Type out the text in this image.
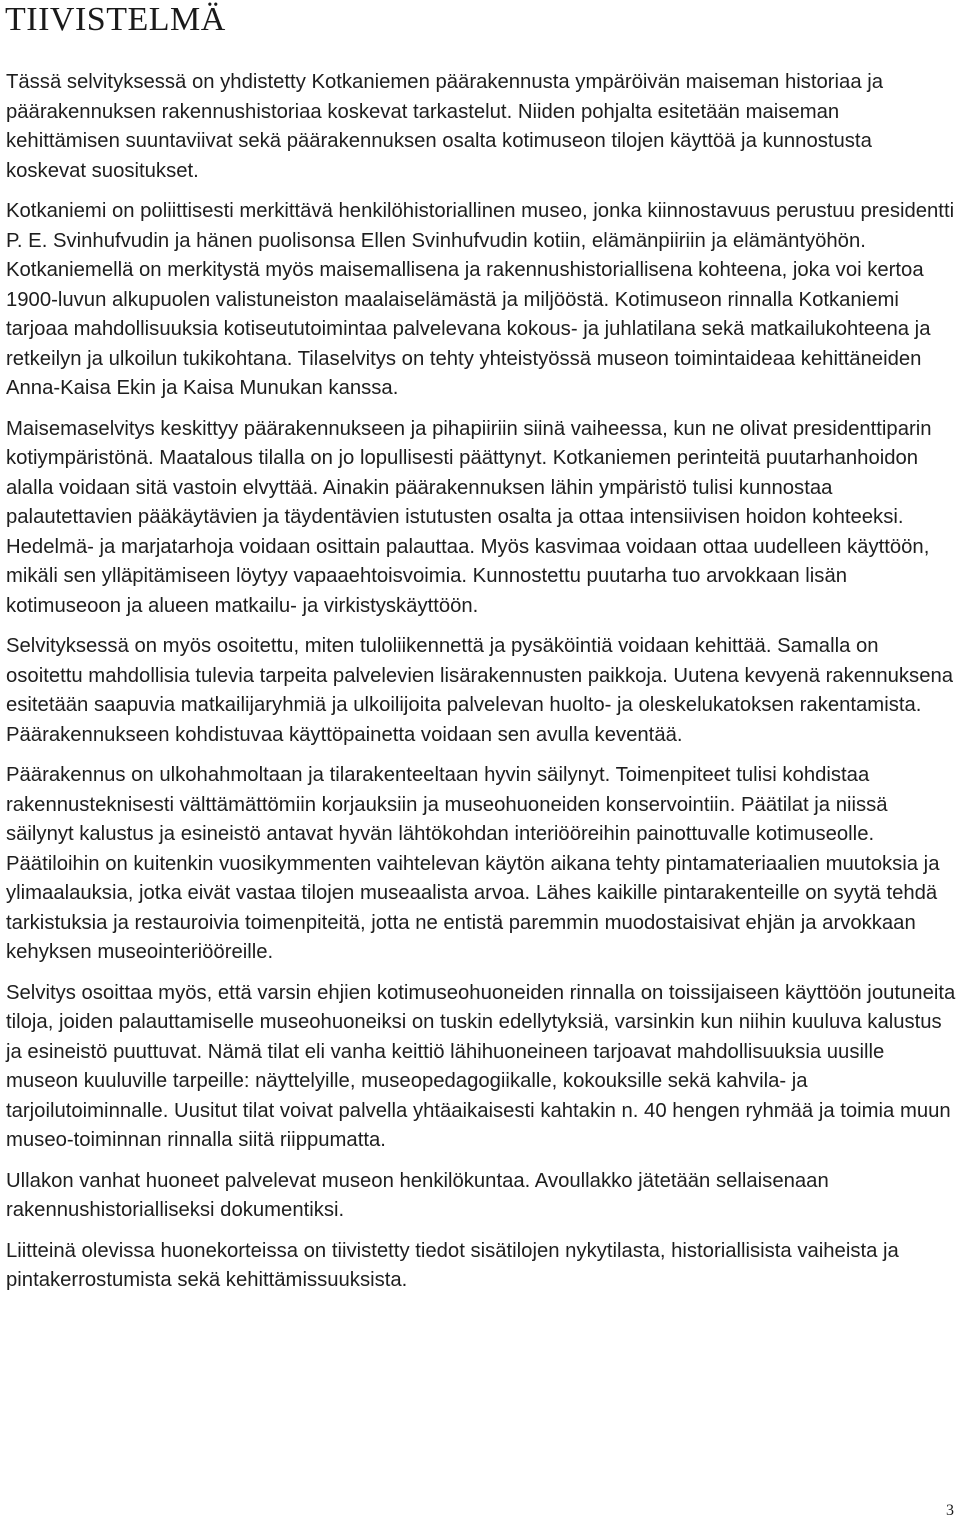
TIIVISTELMÄ

Tässä selvityksessä on yhdistetty Kotkaniemen päärakennusta ympäröivän maiseman historiaa ja päärakennuksen rakennushistoriaa koskevat tarkastelut. Niiden pohjalta esitetään maiseman kehittämisen suuntaviivat sekä päärakennuksen osalta kotimuseon tilojen käyttöä ja kunnostusta koskevat suositukset.

Kotkaniemi on poliittisesti merkittävä henkilöhistoriallinen museo, jonka kiinnostavuus perustuu presidentti P. E. Svinhufvudin ja hänen puolisonsa Ellen Svinhufvudin kotiin, elämänpiiriin ja elämäntyöhön. Kotkaniemellä on merkitystä myös maisemallisena ja rakennushistoriallisena kohteena, joka voi kertoa 1900-luvun alkupuolen valistuneiston maalaiselämästä ja miljööstä. Kotimuseon rinnalla Kotkaniemi tarjoaa mahdollisuuksia kotiseututoimintaa palvelevana kokous- ja juhlatilana sekä matkailukohteena ja retkeilyn ja ulkoilun tukikohtana. Tilaselvitys on tehty yhteistyössä museon toimintaideaa kehittäneiden Anna-Kaisa Ekin ja Kaisa Munukan kanssa.

Maisemaselvitys keskittyy päärakennukseen ja pihapiiriin siinä vaiheessa, kun ne olivat presidenttiparin kotiympäristönä. Maatalous tilalla on jo lopullisesti päättynyt. Kotkaniemen perinteitä puutarhanhoidon alalla voidaan sitä vastoin elvyttää. Ainakin päärakennuksen lähin ympäristö tulisi kunnostaa palautettavien pääkäytävien ja täydentävien istutusten osalta ja ottaa intensiivisen hoidon kohteeksi. Hedelmä- ja marjatarhoja voidaan osittain palauttaa. Myös kasvimaa voidaan ottaa uudelleen käyttöön, mikäli sen ylläpitämiseen löytyy vapaaehtoisvoimia. Kunnostettu puutarha tuo arvokkaan lisän kotimuseoon ja alueen matkailu- ja virkistyskäyttöön.

Selvityksessä on myös osoitettu, miten tuloliikennettä ja pysäköintiä voidaan kehittää. Samalla on osoitettu mahdollisia tulevia tarpeita palvelevien lisärakennusten paikkoja. Uutena kevyenä rakennuksena esitetään saapuvia matkailijaryhmiä ja ulkoilijoita palvelevan huolto- ja oleskelukatoksen rakentamista. Päärakennukseen kohdistuvaa käyttöpainetta voidaan sen avulla keventää.

Päärakennus on ulkohahmoltaan ja tilarakenteeltaan hyvin säilynyt. Toimenpiteet tulisi kohdistaa rakennusteknisesti välttämättömiin korjauksiin ja museohuoneiden konservointiin. Päätilat ja niissä säilynyt kalustus ja esineistö antavat hyvän lähtökohdan interiööreihin painottuvalle kotimuseolle. Päätiloihin on kuitenkin vuosikymmenten vaihtelevan käytön aikana tehty pintamateriaalien muutoksia ja ylimaalauksia, jotka eivät vastaa tilojen museaalista arvoa. Lähes kaikille pintarakenteille on syytä tehdä tarkistuksia ja restauroivia toimenpiteitä, jotta ne entistä paremmin muodostaisivat ehjän ja arvokkaan kehyksen museointeriööreille.

Selvitys osoittaa myös, että varsin ehjien kotimuseohuoneiden rinnalla on toissijaiseen käyttöön joutuneita tiloja, joiden palauttamiselle museohuoneiksi on tuskin edellytyksiä, varsinkin kun niihin kuuluva kalustus ja esineistö puuttuvat. Nämä tilat eli vanha keittiö lähihuoneineen tarjoavat mahdollisuuksia uusille museon kuuluville tarpeille: näyttelyille, museopedagogiikalle, kokouksille sekä kahvila- ja tarjoilutoiminnalle. Uusitut tilat voivat palvella yhtäaikaisesti kahtakin n. 40 hengen ryhmää ja toimia muun museo-toiminnan rinnalla siitä riippumatta.

Ullakon vanhat huoneet palvelevat museon henkilökuntaa. Avoullakko jätetään sellaisenaan rakennushistorialliseksi dokumentiksi.

Liitteinä olevissa huonekorteissa on tiivistetty tiedot sisätilojen nykytilasta, historiallisista vaiheista ja pintakerrostumista sekä kehittämissuuksista.

3
